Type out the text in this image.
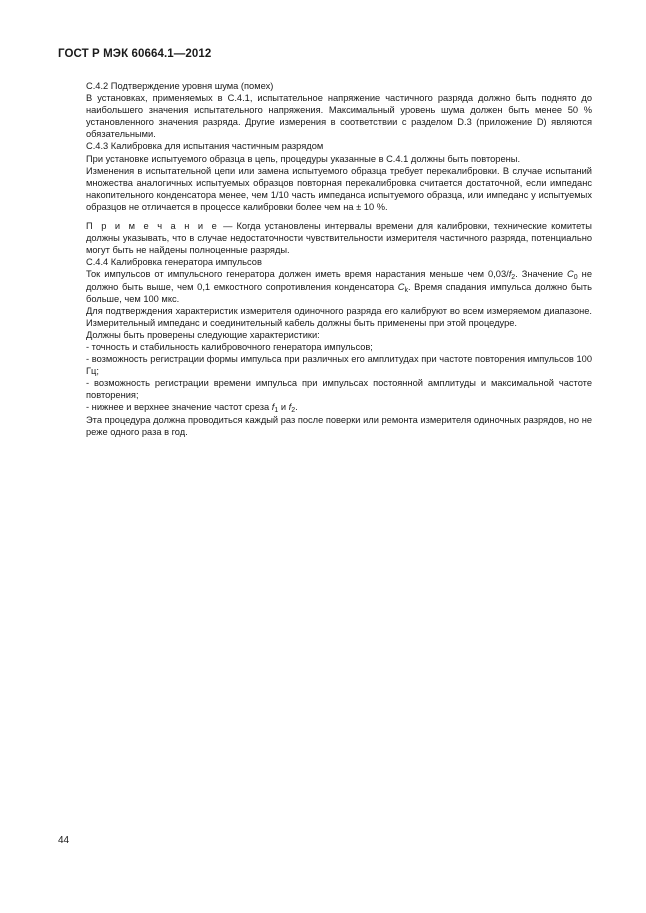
ГОСТ Р МЭК 60664.1—2012

С.4.2 Подтверждение уровня шума (помех)

В установках, применяемых в С.4.1, испытательное напряжение частичного разряда должно быть поднято до наибольшего значения испытательного напряжения. Максимальный уровень шума должен быть менее 50 % установленного значения разряда. Другие измерения в соответствии с разделом D.3 (приложение D) являются обязательными.

С.4.3 Калибровка для испытания частичным разрядом

При установке испытуемого образца в цепь, процедуры указанные в С.4.1 должны быть повторены.

Изменения в испытательной цепи или замена испытуемого образца требует перекалибровки. В случае испытаний множества аналогичных испытуемых образцов повторная перекалибровка считается достаточной, если импеданс накопительного конденсатора менее, чем 1/10 часть импеданса испытуемого образца, или импеданс у испытуемых образцов не отличается в процессе калибровки более чем на ± 10 %.

П р и м е ч а н и е — Когда установлены интервалы времени для калибровки, технические комитеты должны указывать, что в случае недостаточности чувствительности измерителя частичного разряда, потенциально могут быть не найдены полноценные разряды.

С.4.4 Калибровка генератора импульсов

Ток импульсов от импульсного генератора должен иметь время нарастания меньше чем $0,03/f_2$. Значение $C_0$ не должно быть выше, чем 0,1 емкостного сопротивления конденсатора $C_k$. Время спадания импульса должно быть больше, чем 100 мкс.

Для подтверждения характеристик измерителя одиночного разряда его калибруют во всем измеряемом диапазоне. Измерительный импеданс и соединительный кабель должны быть применены при этой процедуре.

Должны быть проверены следующие характеристики:

- точность и стабильность калибровочного генератора импульсов;

- возможность регистрации формы импульса при различных его амплитудах при частоте повторения импульсов 100 Гц;

- возможность регистрации времени импульса при импульсах постоянной амплитуды и максимальной частоте повторения;

- нижнее и верхнее значение частот среза $f_1$ и $f_2$.

Эта процедура должна проводиться каждый раз после поверки или ремонта измерителя одиночных разрядов, но не реже одного раза в год.

44
